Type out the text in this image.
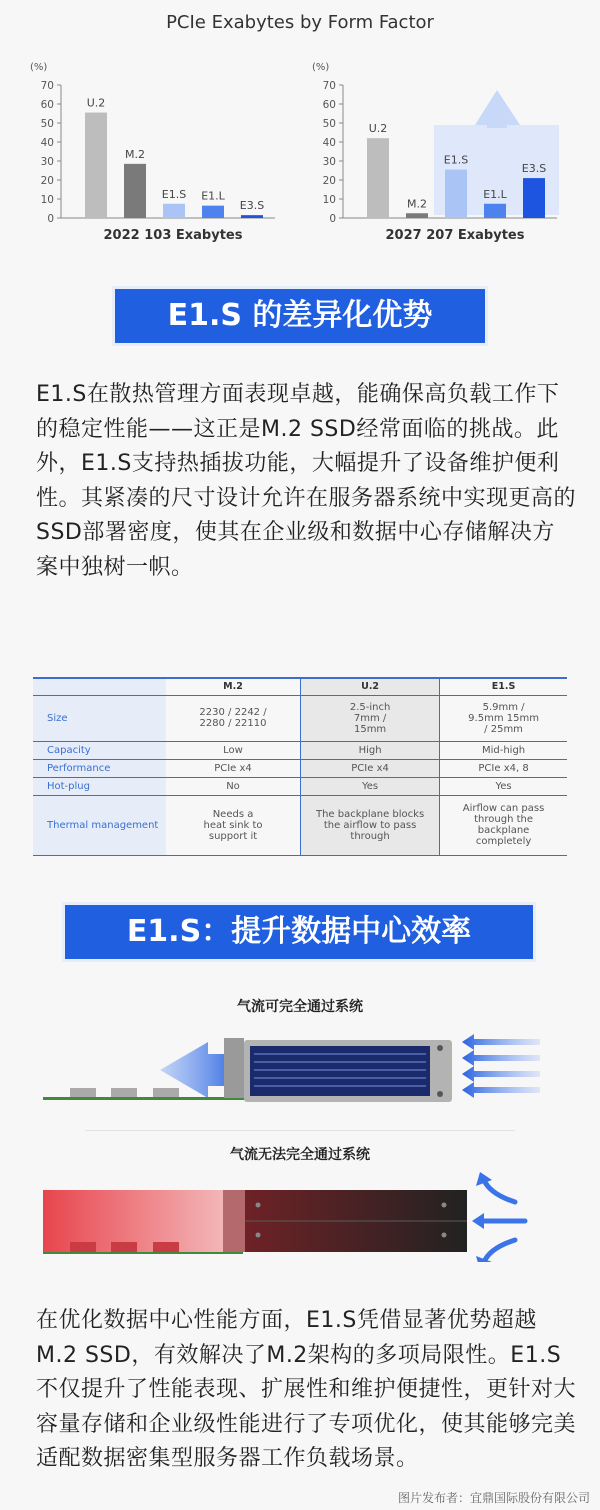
PCIe Exabytes by Form Factor
(%)
0
10
20
30
40
50
60
70
U.2
M.2
E1.S E1.L
E3.S
(%)
0
10
20
30
40
50
60
70
U.2
M.2
E1.S
E1.L
E3.S
2022 103 Exabytes	2027 207 Exabytes
E1.S 的差异化优势
E1.S在散热管理方面表现卓越，能确保高负载工作下的稳定性能——这正是M.2 SSD经常面临的挑战。此外，E1.S支持热插拔功能，大幅提升了设备维护便利性。其紧凑的尺寸设计允许在服务器系统中实现更高的SSD部署密度，使其在企业级和数据中心存储解决方案中独树一帜。
	M.2	U.2	E1.S
Size	2230 / 2242 / 2280 / 22110	2.5-inch 7mm / 15mm	5.9mm / 9.5mm 15mm / 25mm
Capacity	Low	High	Mid-high
Performance	PCIe x4	PCIe x4	PCIe x4, 8
Hot-plug	No	Yes	Yes
Thermal management	Needs a heat sink to support it	The backplane blocks the airflow to pass through	Airflow can pass through the backplane completely
E1.S：提升数据中心效率
气流可完全通过系统
气流无法完全通过系统
在优化数据中心性能方面，E1.S凭借显著优势超越M.2 SSD，有效解决了M.2架构的多项局限性。E1.S不仅提升了性能表现、扩展性和维护便捷性，更针对大容量存储和企业级性能进行了专项优化，使其能够完美适配数据密集型服务器工作负载场景。
图片发布者：宜鼎国际股份有限公司
